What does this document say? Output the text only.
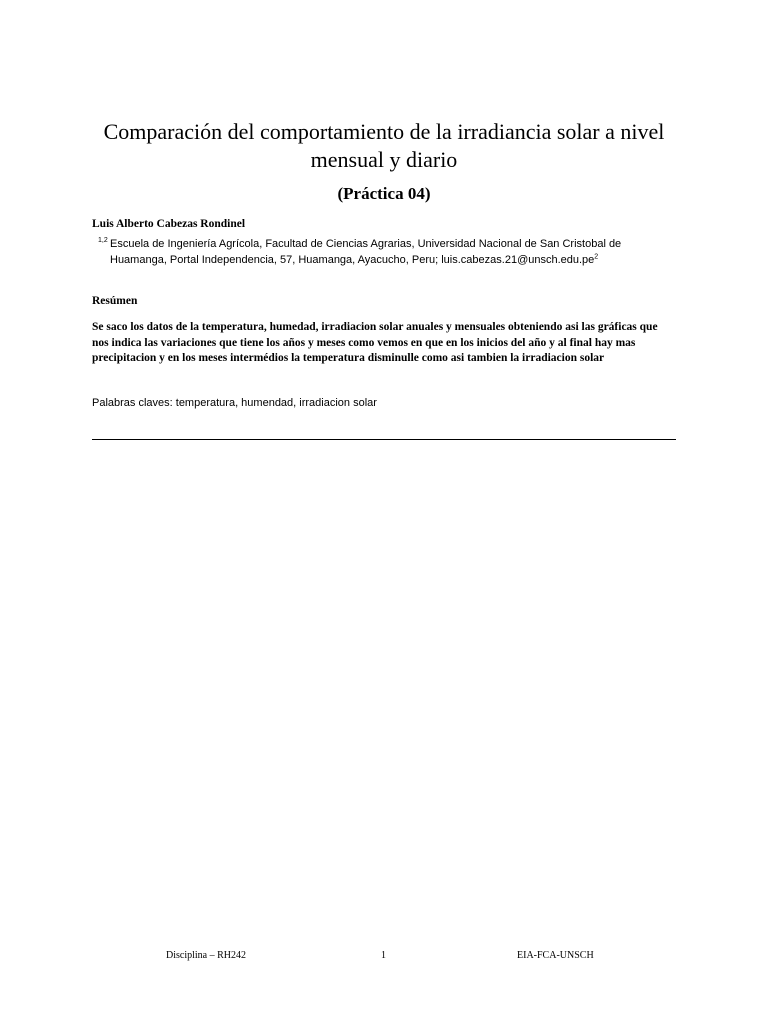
Comparación del comportamiento de la irradiancia solar a nivel mensual y diario
(Práctica 04)
Luis Alberto Cabezas Rondinel
1,2 Escuela de Ingeniería Agrícola, Facultad de Ciencias Agrarias, Universidad Nacional de San Cristobal de Huamanga, Portal Independencia, 57, Huamanga, Ayacucho, Peru; $luis.cabezas.21@unsch.edu.pe^2$
Resúmen

Se saco los datos de la temperatura, humedad, irradiacion solar anuales y mensuales obteniendo asi las gráficas que nos indica las variaciones que tiene los años y meses como vemos en que en los inicios del año y al final hay mas precipitacion y en los meses intermédios la temperatura disminulle como asi tambien la irradiacion solar

Palabras claves: temperatura, humendad, irradiacion solar
Disciplina – RH242	1	EIA-FCA-UNSCH
